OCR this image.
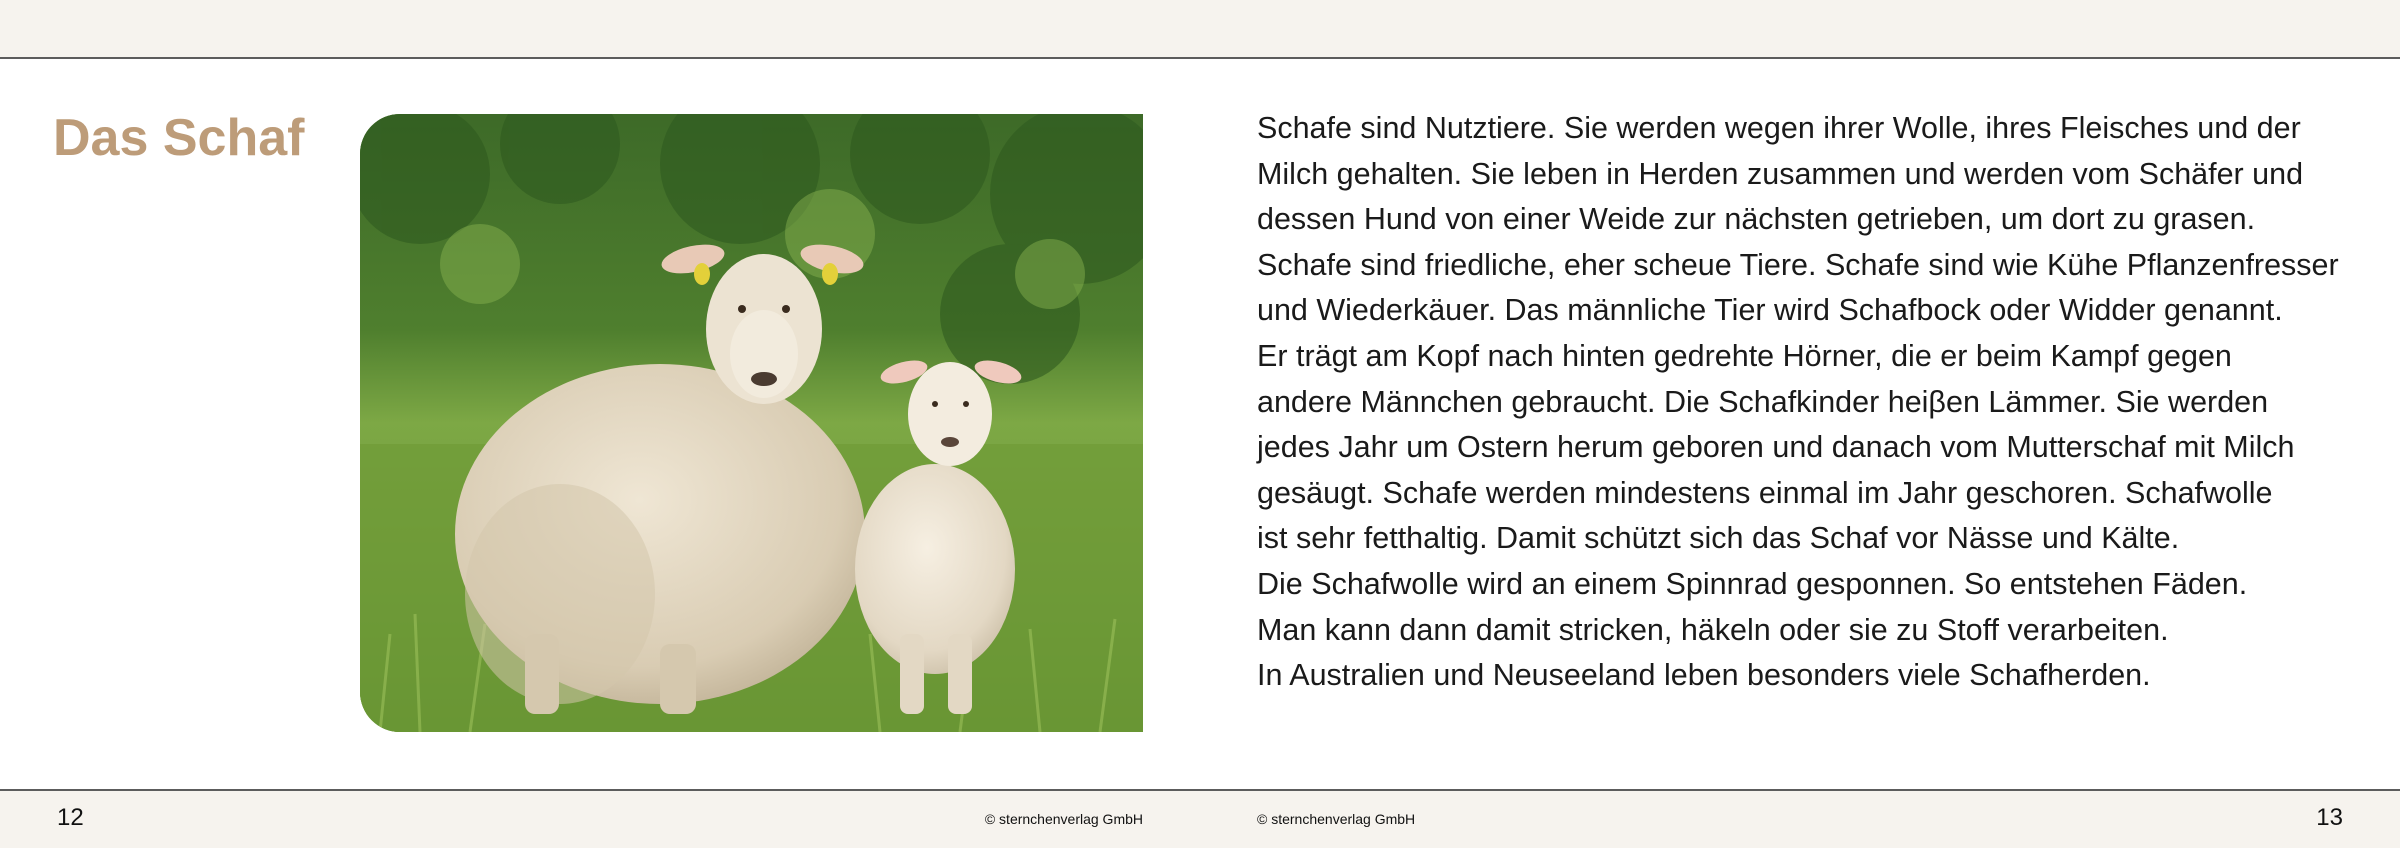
Das Schaf	Schafe sind Nutztiere. Sie werden wegen ihrer Wolle, ihres Fleisches und der
Milch gehalten. Sie leben in Herden zusammen und werden vom Schäfer und
dessen Hund von einer Weide zur nächsten getrieben, um dort zu grasen.
Schafe sind friedliche, eher scheue Tiere. Schafe sind wie Kühe Pflanzenfresser
und Wiederkäuer. Das männliche Tier wird Schafbock oder Widder genannt.
Er trägt am Kopf nach hinten gedrehte Hörner, die er beim Kampf gegen
andere Männchen gebraucht. Die Schafkinder heiβen Lämmer. Sie werden
jedes Jahr um Ostern herum geboren und danach vom Mutterschaf mit Milch
gesäugt. Schafe werden mindestens einmal im Jahr geschoren. Schafwolle
ist sehr fetthaltig. Damit schützt sich das Schaf vor Nässe und Kälte.
Die Schafwolle wird an einem Spinnrad gesponnen. So entstehen Fäden.
Man kann dann damit stricken, häkeln oder sie zu Stoff verarbeiten.
In Australien und Neuseeland leben besonders viele Schafherden.
12	© sternchenverlag GmbH	© sternchenverlag GmbH	13
